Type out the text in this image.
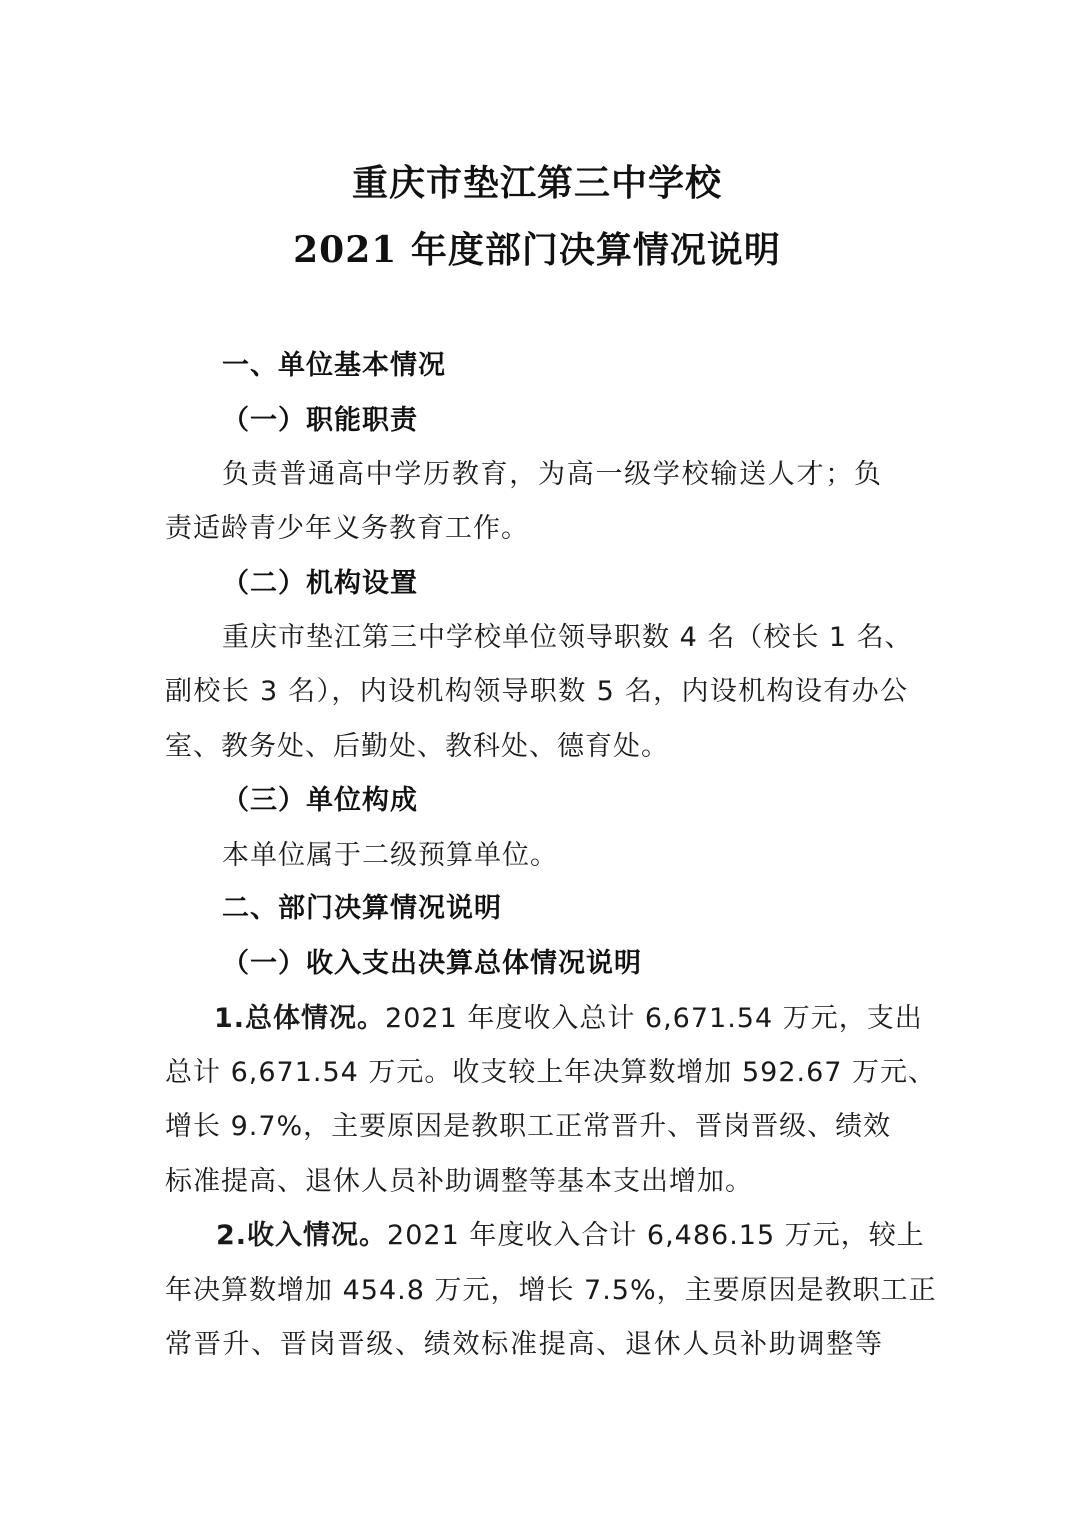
重庆市垫江第三中学校
2021 年度部门决算情况说明
一、单位基本情况
（一）职能职责
负责普通高中学历教育，为高一级学校输送人才；负
责适龄青少年义务教育工作。
（二）机构设置
重庆市垫江第三中学校单位领导职数 4 名（校长 1 名、
副校长 3 名），内设机构领导职数 5 名，内设机构设有办公
室、教务处、后勤处、教科处、德育处。
（三）单位构成
本单位属于二级预算单位。
二、部门决算情况说明
（一）收入支出决算总体情况说明
1.总体情况。2021 年度收入总计 6,671.54 万元，支出
总计 6,671.54 万元。收支较上年决算数增加 592.67 万元、
增长 9.7%，主要原因是教职工正常晋升、晋岗晋级、绩效
标准提高、退休人员补助调整等基本支出增加。
2.收入情况。2021 年度收入合计 6,486.15 万元，较上
年决算数增加 454.8 万元，增长 7.5%，主要原因是教职工正
常晋升、晋岗晋级、绩效标准提高、退休人员补助调整等
